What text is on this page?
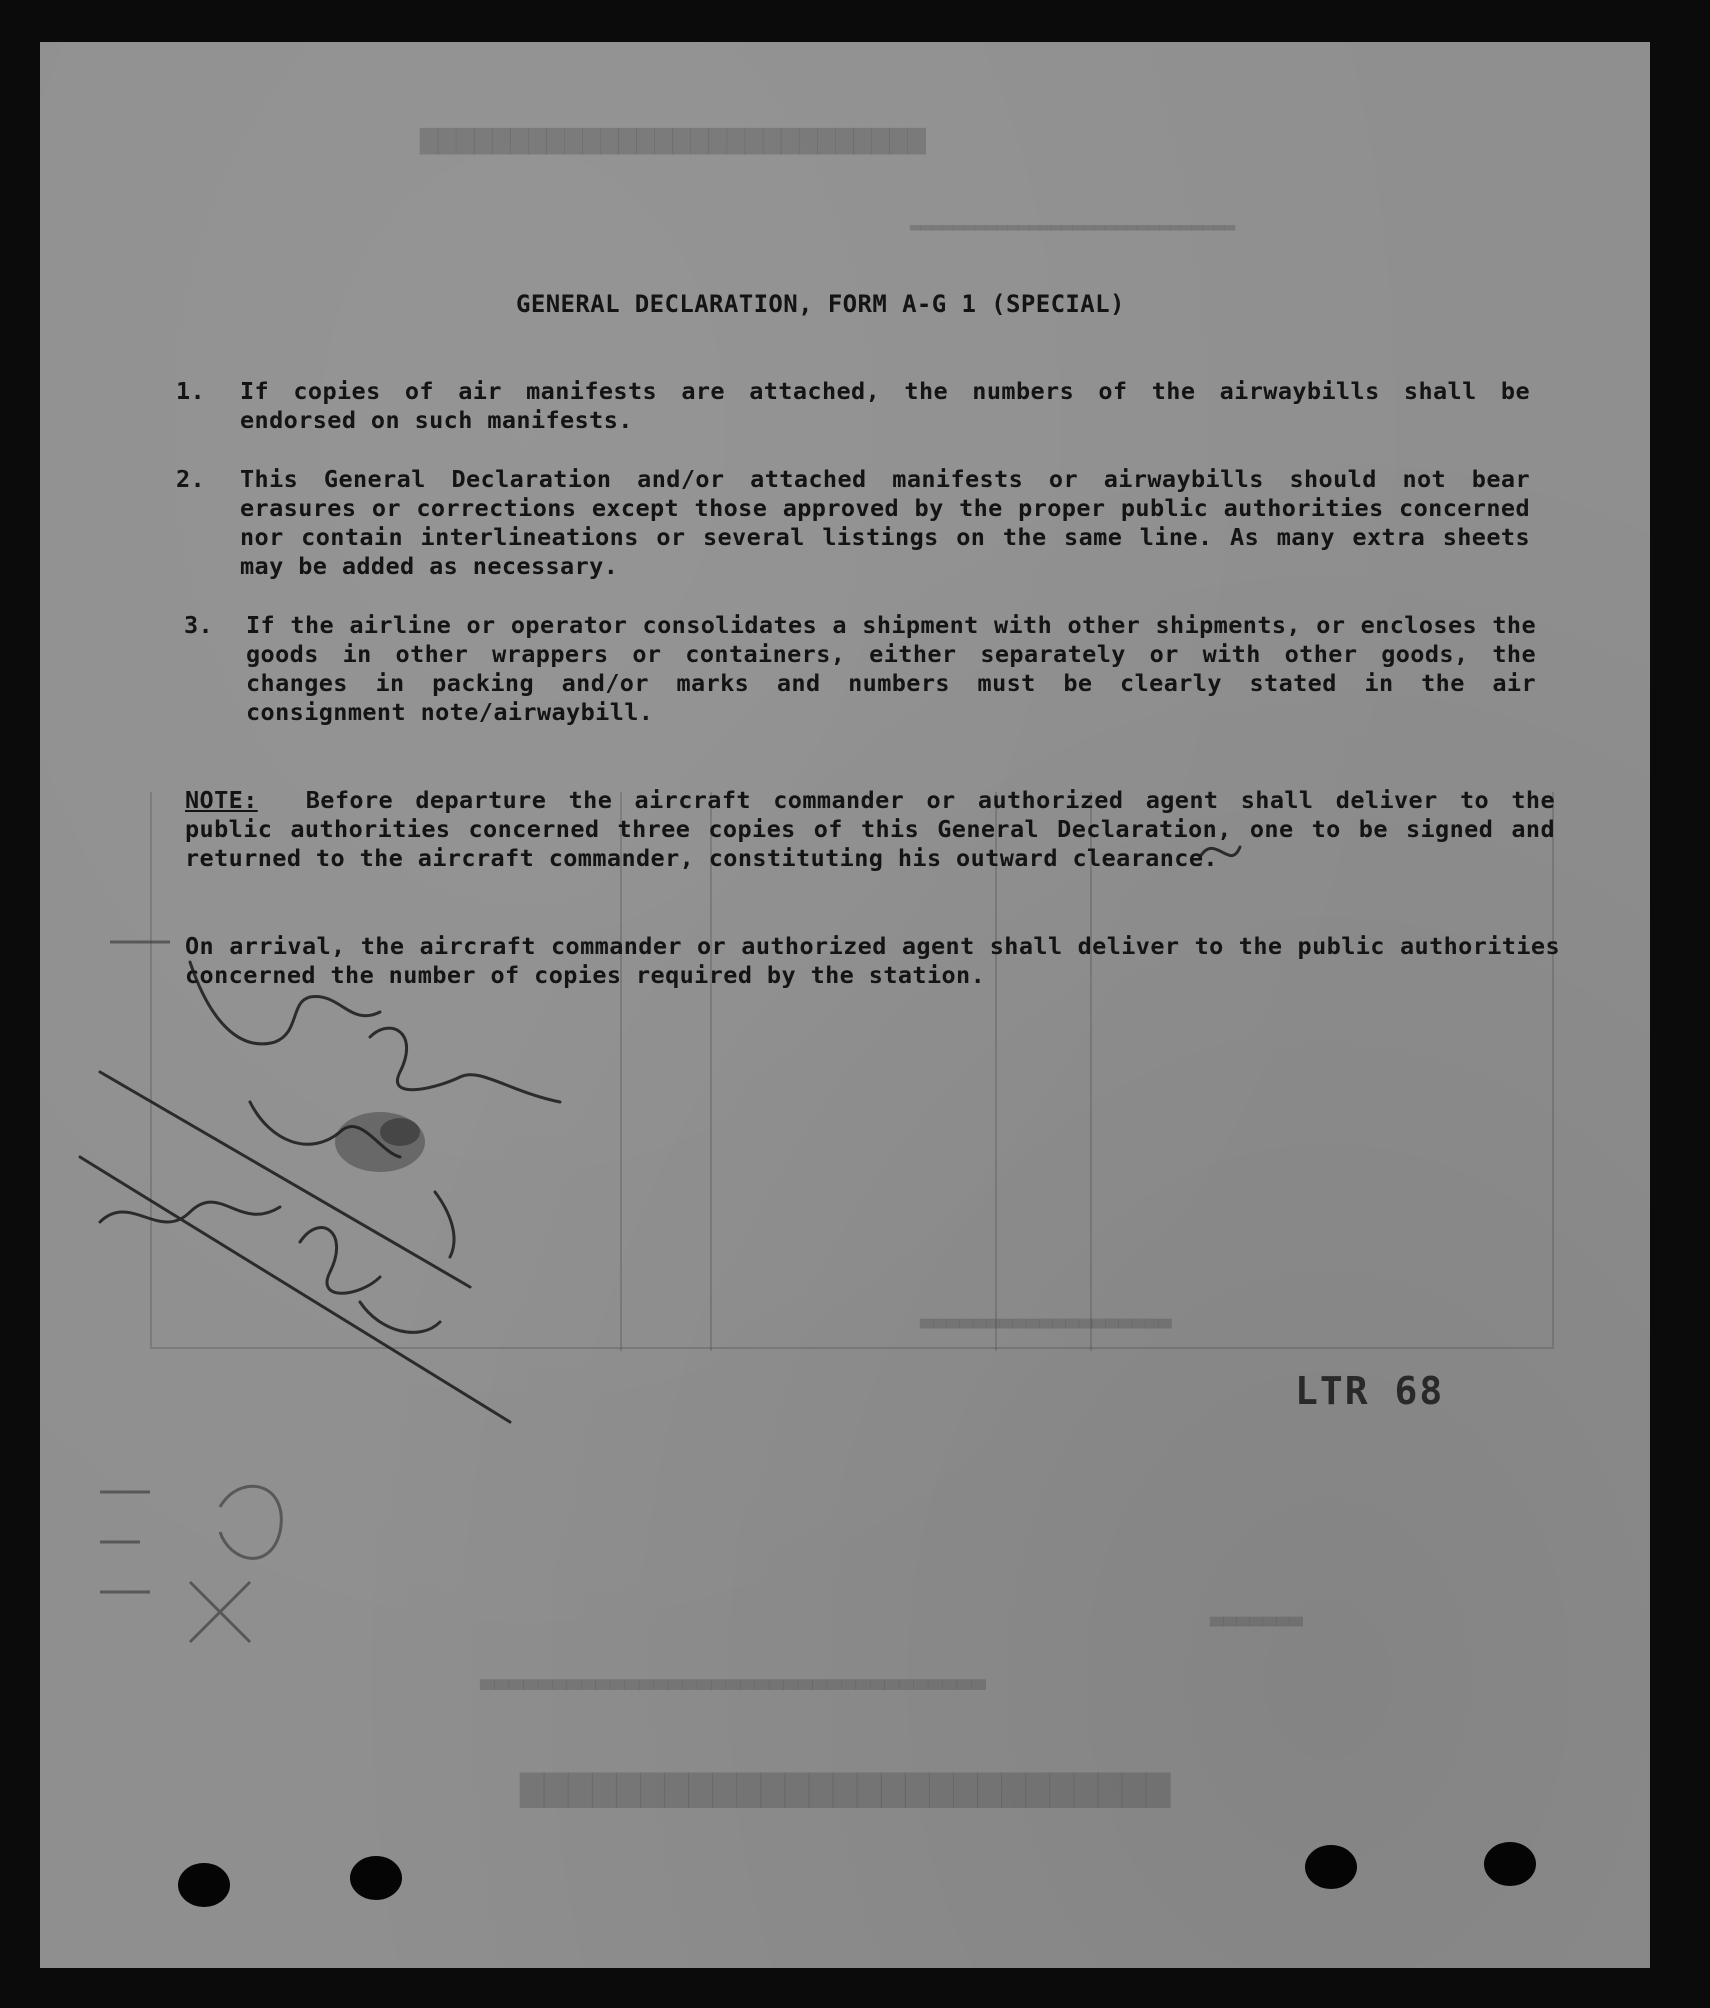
▆▆▆▆▆▆▆▆▆▆▆▆▆▆▆▆▆▆▆▆▆▆▆▆▆▆▆▆
▂▂▂▂▂▂▂▂▂▂▂▂▂▂▂▂▂▂▂▂▂▂▂▂▂▂▂▂▂▂
▃▃▃▃▃▃▃▃▃▃▃▃▃▃▃▃▃▃▃
▃▃▃▃▃▃▃
▃▃▃▃▃▃▃▃▃▃▃▃▃▃▃▃▃▃▃▃▃▃▃▃▃▃▃▃▃▃▃▃▃▃▃
▆▆▆▆▆▆▆▆▆▆▆▆▆▆▆▆▆▆▆▆▆▆▆▆▆▆▆
GENERAL DECLARATION, FORM A-G 1 (SPECIAL)
1.	If copies of air manifests are attached, the numbers of the airwaybills shall be endorsed on such manifests.
2.	This General Declaration and/or attached manifests or airwaybills should not bear erasures or corrections except those approved by the proper public authorities concerned nor contain interlineations or several listings on the same line. As many extra sheets may be added as necessary.
3.	If the airline or operator consolidates a shipment with other shipments, or encloses the goods in other wrappers or containers, either separately or with other goods, the changes in packing and/or marks and numbers must be clearly stated in the air consignment note/airwaybill.
NOTE: Before departure the aircraft commander or authorized agent shall deliver to the public authorities concerned three copies of this General Declaration, one to be signed and returned to the aircraft commander, constituting his outward clearance.
On arrival, the aircraft commander or authorized agent shall deliver to the public authorities concerned the number of copies required by the station.
LTR 68
